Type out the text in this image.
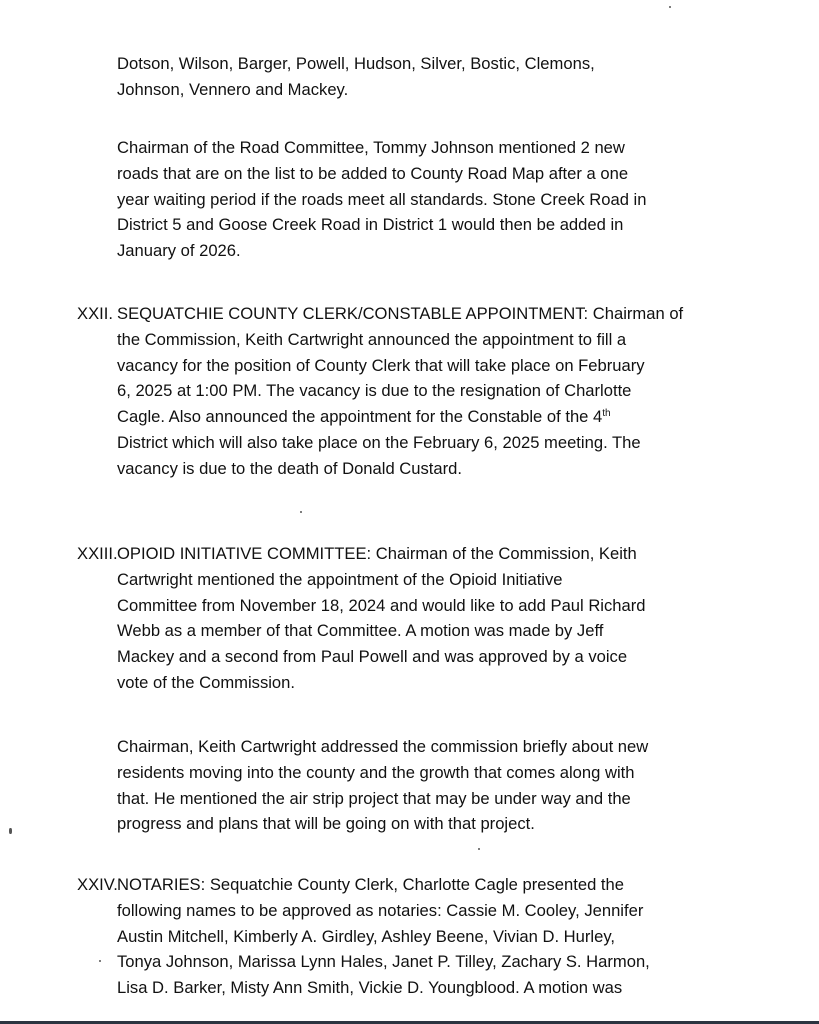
Dotson, Wilson, Barger, Powell, Hudson, Silver, Bostic, Clemons,
Johnson, Vennero and Mackey.

Chairman of the Road Committee, Tommy Johnson mentioned 2 new
roads that are on the list to be added to County Road Map after a one
year waiting period if the roads meet all standards. Stone Creek Road in
District 5 and Goose Creek Road in District 1 would then be added in
January of 2026.

XXII. SEQUATCHIE COUNTY CLERK/CONSTABLE APPOINTMENT: Chairman of
the Commission, Keith Cartwright announced the appointment to fill a
vacancy for the position of County Clerk that will take place on February
6, 2025 at 1:00 PM. The vacancy is due to the resignation of Charlotte
Cagle. Also announced the appointment for the Constable of the 4th
District which will also take place on the February 6, 2025 meeting. The
vacancy is due to the death of Donald Custard.

XXIII. OPIOID INITIATIVE COMMITTEE: Chairman of the Commission, Keith
Cartwright mentioned the appointment of the Opioid Initiative
Committee from November 18, 2024 and would like to add Paul Richard
Webb as a member of that Committee. A motion was made by Jeff
Mackey and a second from Paul Powell and was approved by a voice
vote of the Commission.

Chairman, Keith Cartwright addressed the commission briefly about new
residents moving into the county and the growth that comes along with
that. He mentioned the air strip project that may be under way and the
progress and plans that will be going on with that project.

XXIV. NOTARIES: Sequatchie County Clerk, Charlotte Cagle presented the
following names to be approved as notaries: Cassie M. Cooley, Jennifer
Austin Mitchell, Kimberly A. Girdley, Ashley Beene, Vivian D. Hurley,
Tonya Johnson, Marissa Lynn Hales, Janet P. Tilley, Zachary S. Harmon,
Lisa D. Barker, Misty Ann Smith, Vickie D. Youngblood. A motion was
